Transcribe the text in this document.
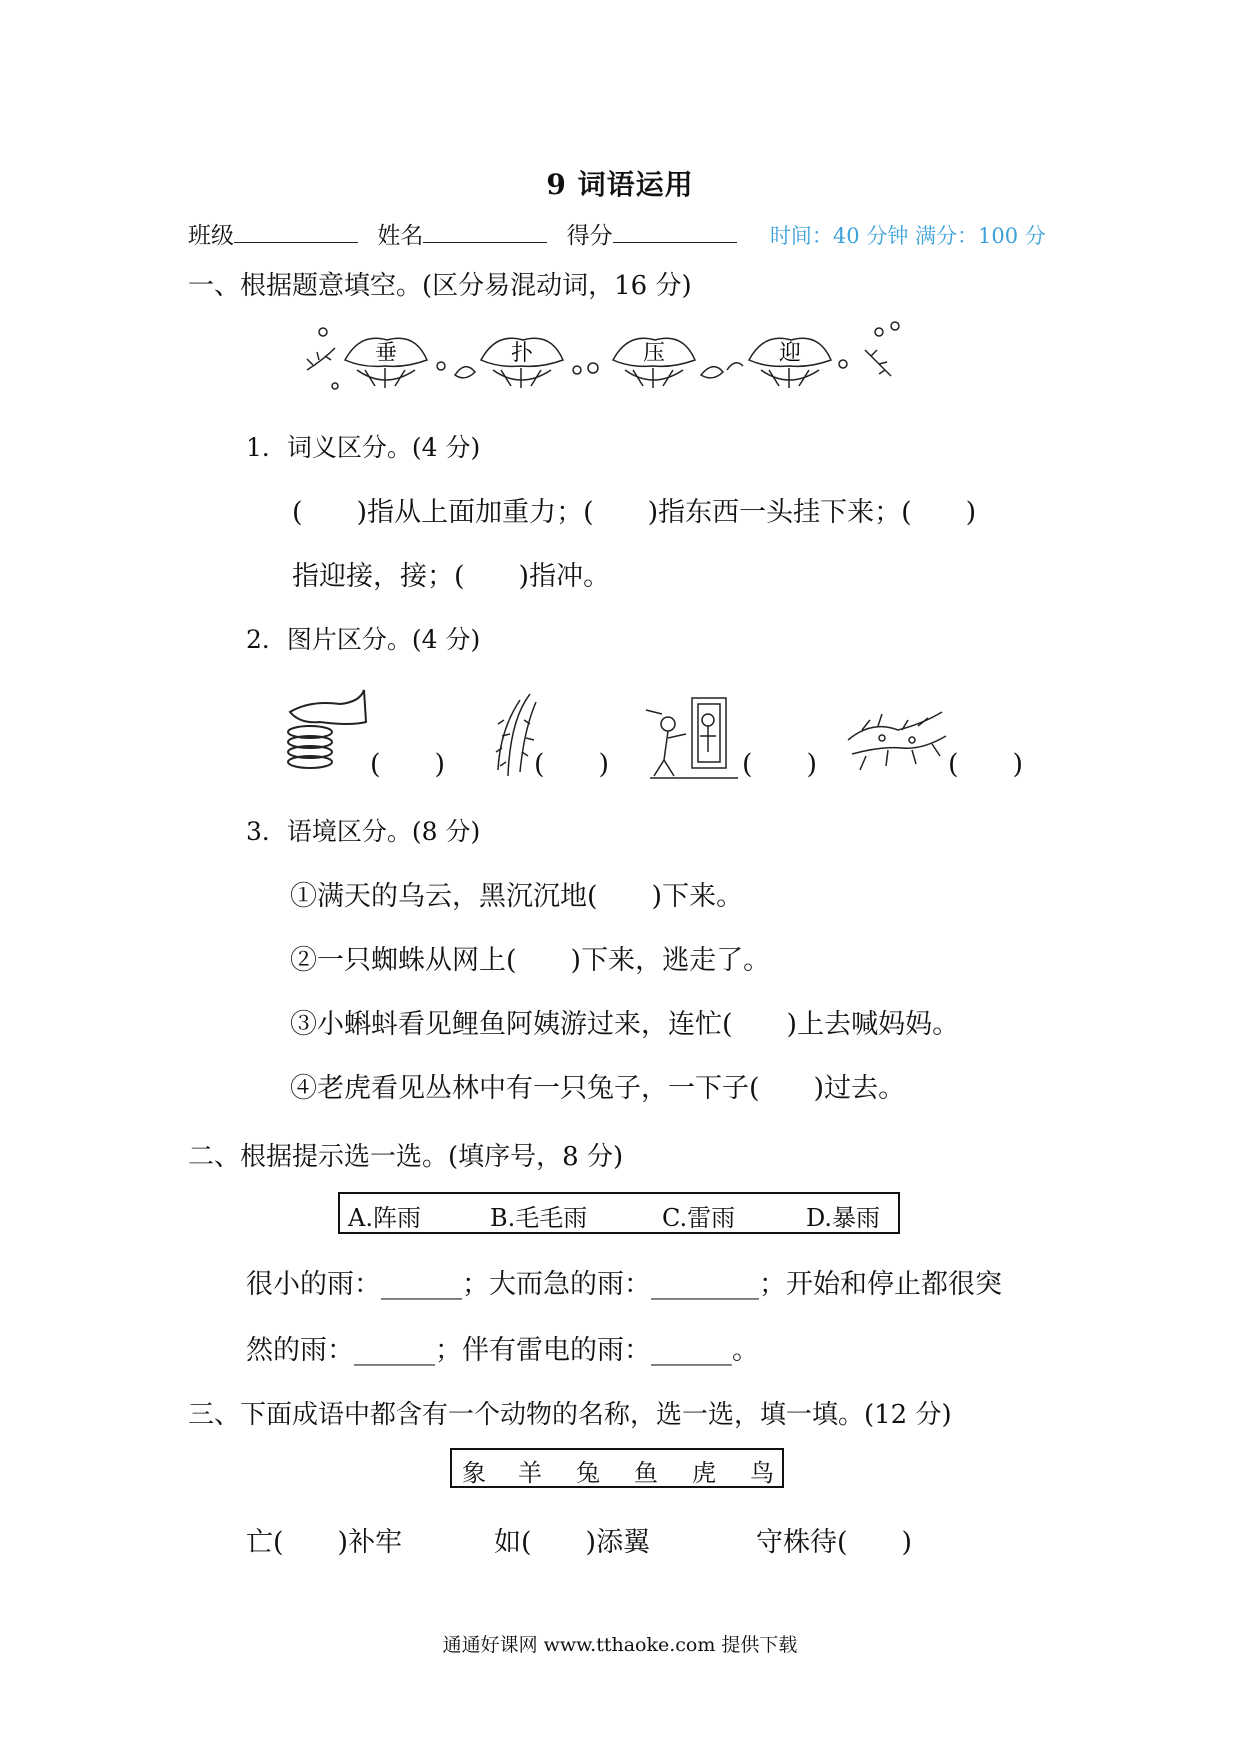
9 词语运用
班级	姓名	得分	时间：40 分钟 满分：100 分
一、根据题意填空。(区分易混动词，16 分)
垂	扑	压	迎
1．词义区分。(4 分)
(　　)指从上面加重力；(　　)指东西一头挂下来；(　　)
指迎接，接；(　　)指冲。
2．图片区分。(4 分)
(　　)	(　　)	(　　)	(　　)
3．语境区分。(8 分)
①满天的乌云，黑沉沉地(　　)下来。
②一只蜘蛛从网上(　　)下来，逃走了。
③小蝌蚪看见鲤鱼阿姨游过来，连忙(　　)上去喊妈妈。
④老虎看见丛林中有一只兔子，一下子(　　)过去。
二、根据提示选一选。(填序号，8 分)
A.阵雨	B.毛毛雨	C.雷雨	D.暴雨
很小的雨：______；大而急的雨：________；开始和停止都很突
然的雨：______；伴有雷电的雨：______。
三、下面成语中都含有一个动物的名称，选一选，填一填。(12 分)
象 羊 兔 鱼 虎 鸟
亡(　　)补牢	如(　　)添翼	守株待(　　)
通通好课网 www.tthaoke.com 提供下载
